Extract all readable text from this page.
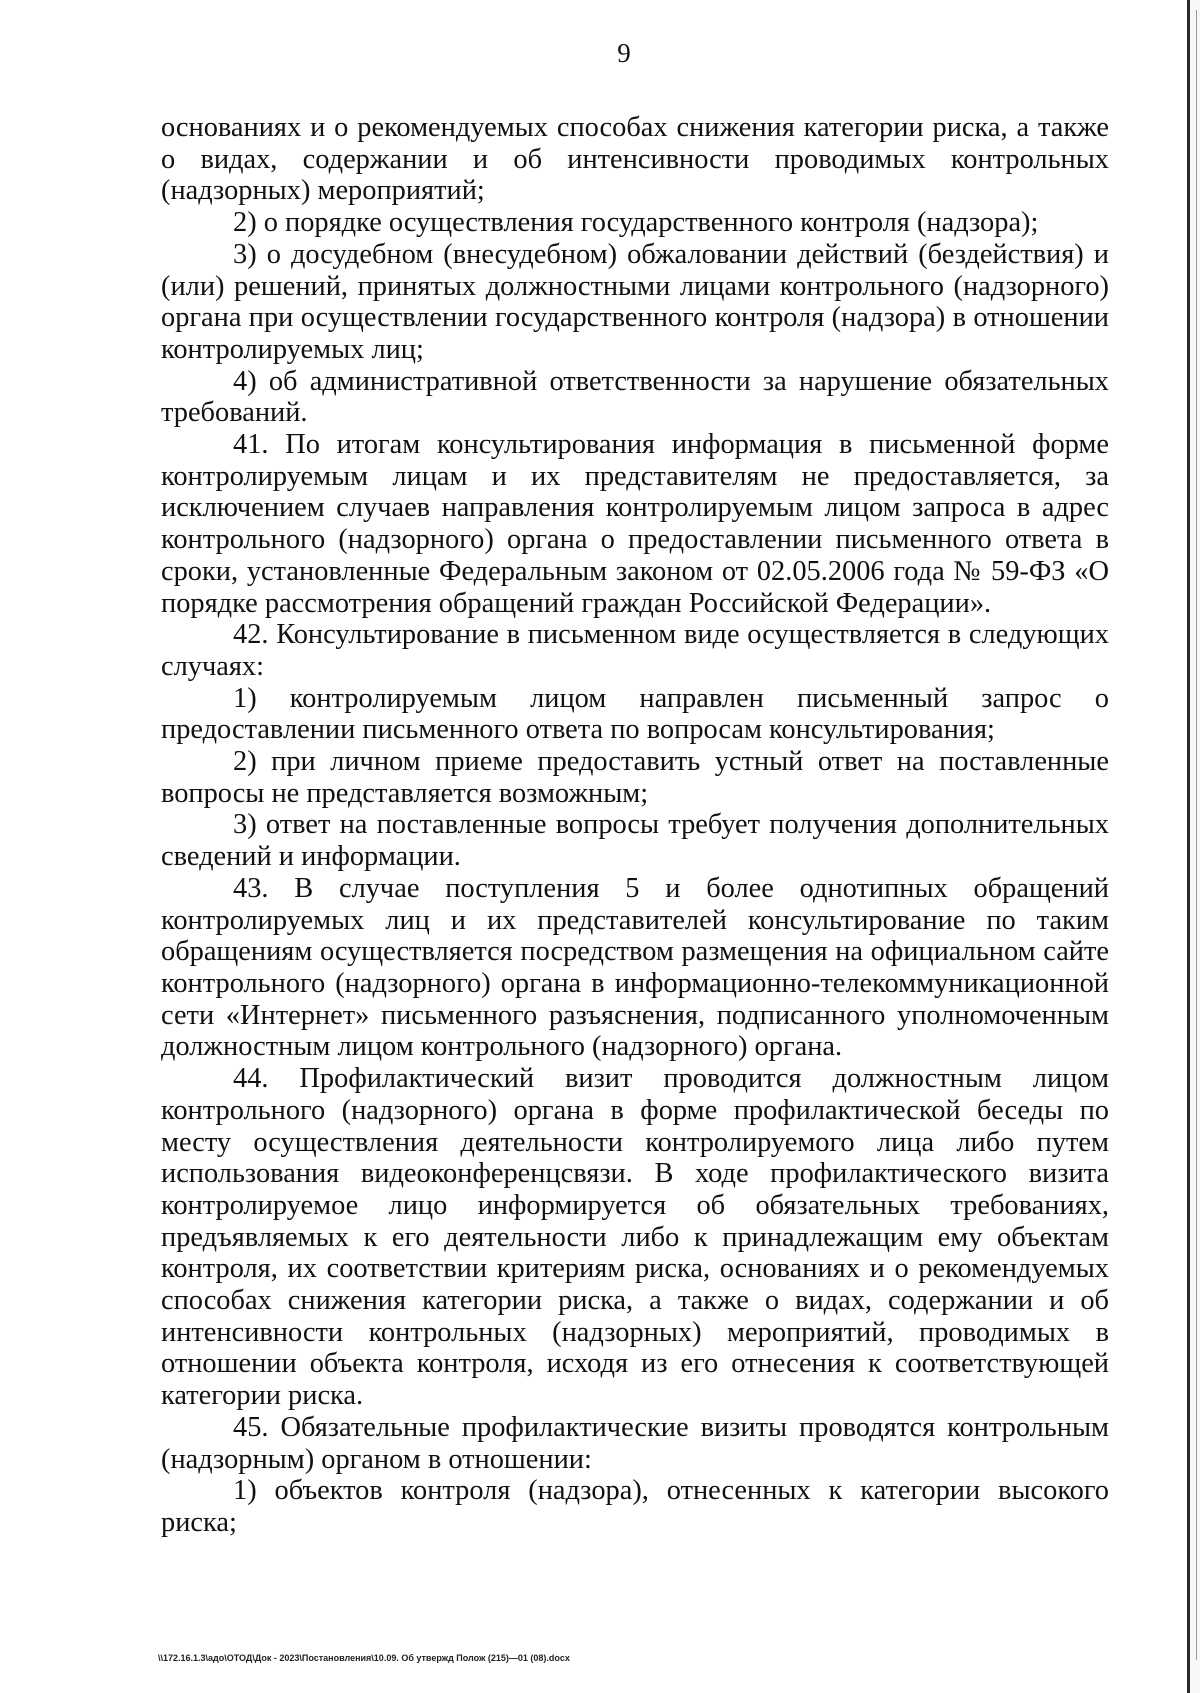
9

основаниях и о рекомендуемых способах снижения категории риска, а также о видах, содержании и об интенсивности проводимых контрольных (надзорных) мероприятий;

2) о порядке осуществления государственного контроля (надзора);

3) о досудебном (внесудебном) обжаловании действий (бездействия) и (или) решений, принятых должностными лицами контрольного (надзорного) органа при осуществлении государственного контроля (надзора) в отношении контролируемых лиц;

4) об административной ответственности за нарушение обязательных требований.

41. По итогам консультирования информация в письменной форме контролируемым лицам и их представителям не предоставляется, за исключением случаев направления контролируемым лицом запроса в адрес контрольного (надзорного) органа о предоставлении письменного ответа в сроки, установленные Федеральным законом от 02.05.2006 года № 59-ФЗ «О порядке рассмотрения обращений граждан Российской Федерации».

42. Консультирование в письменном виде осуществляется в следующих случаях:

1) контролируемым лицом направлен письменный запрос о предоставлении письменного ответа по вопросам консультирования;

2) при личном приеме предоставить устный ответ на поставленные вопросы не представляется возможным;

3) ответ на поставленные вопросы требует получения дополнительных сведений и информации.

43. В случае поступления 5 и более однотипных обращений контролируемых лиц и их представителей консультирование по таким обращениям осуществляется посредством размещения на официальном сайте контрольного (надзорного) органа в информационно-телекоммуникационной сети «Интернет» письменного разъяснения, подписанного уполномоченным должностным лицом контрольного (надзорного) органа.

44. Профилактический визит проводится должностным лицом контрольного (надзорного) органа в форме профилактической беседы по месту осуществления деятельности контролируемого лица либо путем использования видеоконференцсвязи. В ходе профилактического визита контролируемое лицо информируется об обязательных требованиях, предъявляемых к его деятельности либо к принадлежащим ему объектам контроля, их соответствии критериям риска, основаниях и о рекомендуемых способах снижения категории риска, а также о видах, содержании и об интенсивности контрольных (надзорных) мероприятий, проводимых в отношении объекта контроля, исходя из его отнесения к соответствующей категории риска.

45. Обязательные профилактические визиты проводятся контрольным (надзорным) органом в отношении:

1) объектов контроля (надзора), отнесенных к категории высокого риска;

\\172.16.1.3\адо\ОТОД\Док - 2023\Постановления\10.09. Об утвержд Полож (215)—01 (08).docx
